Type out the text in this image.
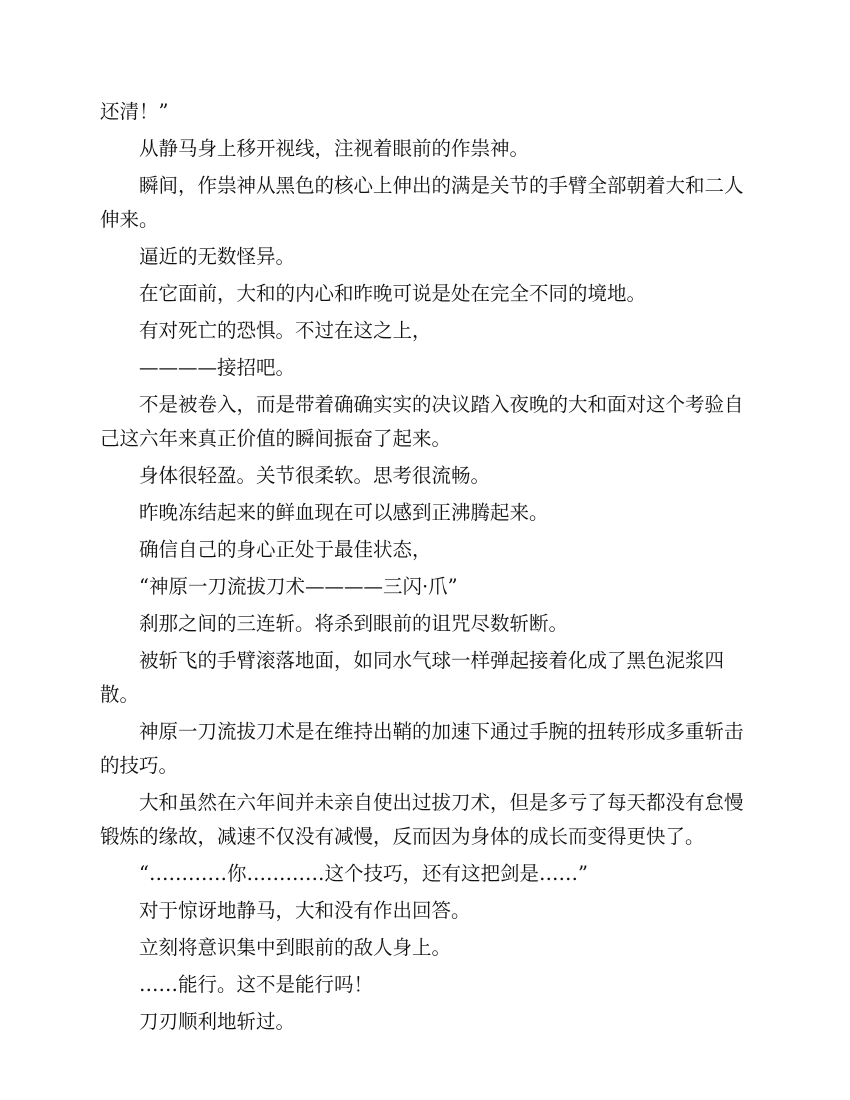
还清！”

从静马身上移开视线，注视着眼前的作祟神。

瞬间，作祟神从黑色的核心上伸出的满是关节的手臂全部朝着大和二人伸来。

逼近的无数怪异。

在它面前，大和的内心和昨晚可说是处在完全不同的境地。

有对死亡的恐惧。不过在这之上，

————接招吧。

不是被卷入，而是带着确确实实的决议踏入夜晚的大和面对这个考验自己这六年来真正价值的瞬间振奋了起来。

身体很轻盈。关节很柔软。思考很流畅。

昨晚冻结起来的鲜血现在可以感到正沸腾起来。

确信自己的身心正处于最佳状态，

“神原一刀流拔刀术————三闪·爪”

刹那之间的三连斩。将杀到眼前的诅咒尽数斩断。

被斩飞的手臂滚落地面，如同水气球一样弹起接着化成了黑色泥浆四散。

神原一刀流拔刀术是在维持出鞘的加速下通过手腕的扭转形成多重斩击的技巧。

大和虽然在六年间并未亲自使出过拔刀术，但是多亏了每天都没有怠慢锻炼的缘故，减速不仅没有减慢，反而因为身体的成长而变得更快了。

“…………你…………这个技巧，还有这把剑是……”

对于惊讶地静马，大和没有作出回答。

立刻将意识集中到眼前的敌人身上。

……能行。这不是能行吗！

刀刃顺利地斩过。
